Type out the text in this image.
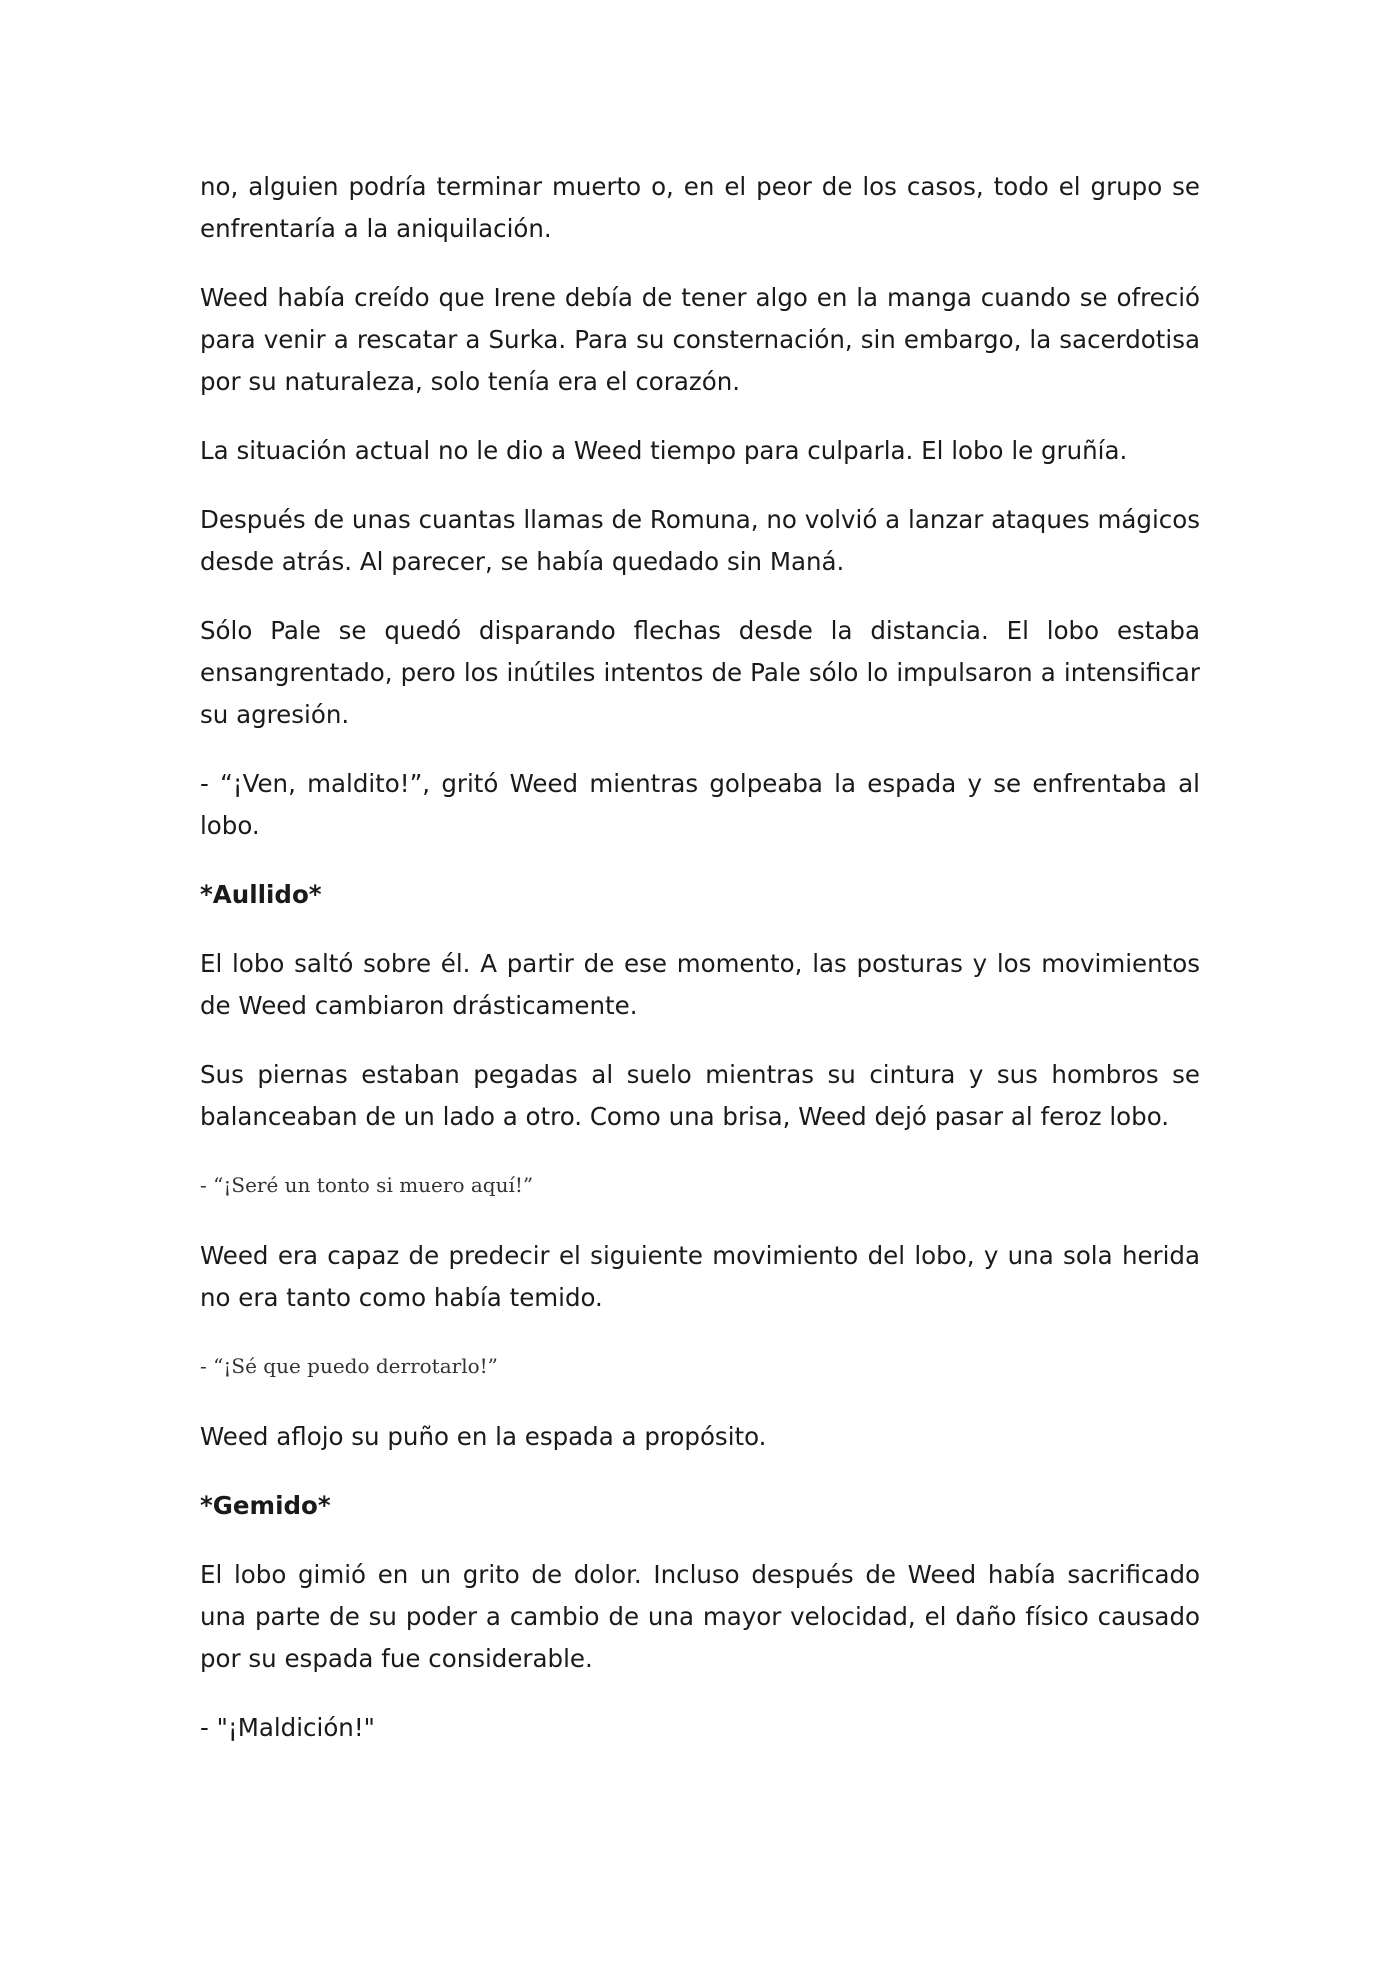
no, alguien podría terminar muerto o, en el peor de los casos, todo el grupo se enfrentaría a la aniquilación.

Weed había creído que Irene debía de tener algo en la manga cuando se ofreció para venir a rescatar a Surka. Para su consternación, sin embargo, la sacerdotisa por su naturaleza, solo tenía era el corazón.

La situación actual no le dio a Weed tiempo para culparla. El lobo le gruñía.

Después de unas cuantas llamas de Romuna, no volvió a lanzar ataques mágicos desde atrás. Al parecer, se había quedado sin Maná.

Sólo Pale se quedó disparando flechas desde la distancia. El lobo estaba ensangrentado, pero los inútiles intentos de Pale sólo lo impulsaron a intensificar su agresión.

- “¡Ven, maldito!”, gritó Weed mientras golpeaba la espada y se enfrentaba al lobo.

*Aullido*

El lobo saltó sobre él. A partir de ese momento, las posturas y los movimientos de Weed cambiaron drásticamente.

Sus piernas estaban pegadas al suelo mientras su cintura y sus hombros se balanceaban de un lado a otro. Como una brisa, Weed dejó pasar al feroz lobo.

- “¡Seré un tonto si muero aquí!”

Weed era capaz de predecir el siguiente movimiento del lobo, y una sola herida no era tanto como había temido.

- “¡Sé que puedo derrotarlo!”

Weed aflojo su puño en la espada a propósito.

*Gemido*

El lobo gimió en un grito de dolor. Incluso después de Weed había sacrificado una parte de su poder a cambio de una mayor velocidad, el daño físico causado por su espada fue considerable.

- "¡Maldición!"
